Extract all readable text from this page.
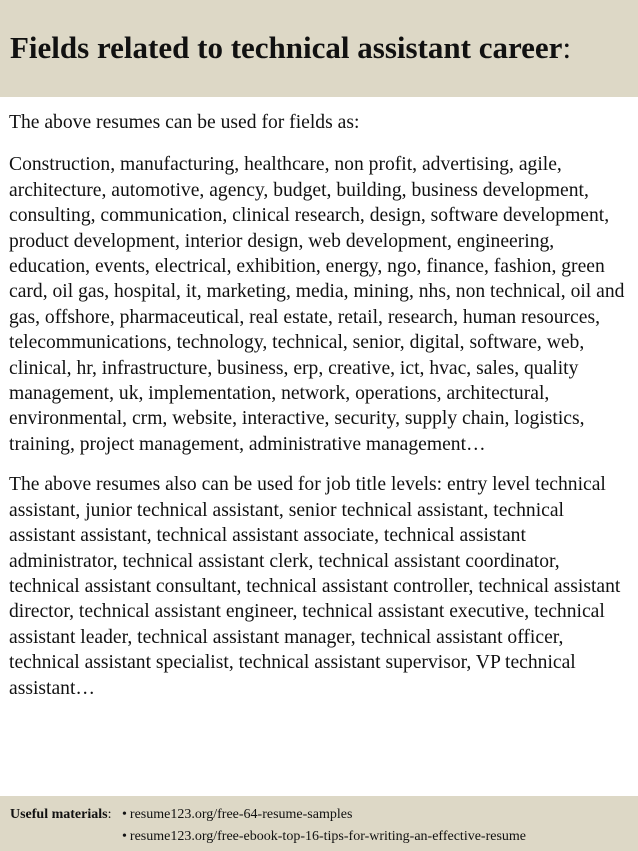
Fields related to technical assistant career:

The above resumes can be used for fields as:

Construction, manufacturing, healthcare, non profit, advertising, agile, architecture, automotive, agency, budget, building, business development, consulting, communication, clinical research, design, software development, product development, interior design, web development, engineering, education, events, electrical, exhibition, energy, ngo, finance, fashion, green card, oil gas, hospital, it, marketing, media, mining, nhs, non technical, oil and gas, offshore, pharmaceutical, real estate, retail, research, human resources, telecommunications, technology, technical, senior, digital, software, web, clinical, hr, infrastructure, business, erp, creative, ict, hvac, sales, quality management, uk, implementation, network, operations, architectural, environmental, crm, website, interactive, security, supply chain, logistics, training, project management, administrative management…

The above resumes also can be used for job title levels: entry level technical assistant, junior technical assistant, senior technical assistant, technical assistant assistant, technical assistant associate, technical assistant administrator, technical assistant clerk, technical assistant coordinator, technical assistant consultant, technical assistant controller, technical assistant director, technical assistant engineer, technical assistant executive, technical assistant leader, technical assistant manager, technical assistant officer, technical assistant specialist, technical assistant supervisor, VP technical assistant…

Useful materials: • resume123.org/free-64-resume-samples
• resume123.org/free-ebook-top-16-tips-for-writing-an-effective-resume
